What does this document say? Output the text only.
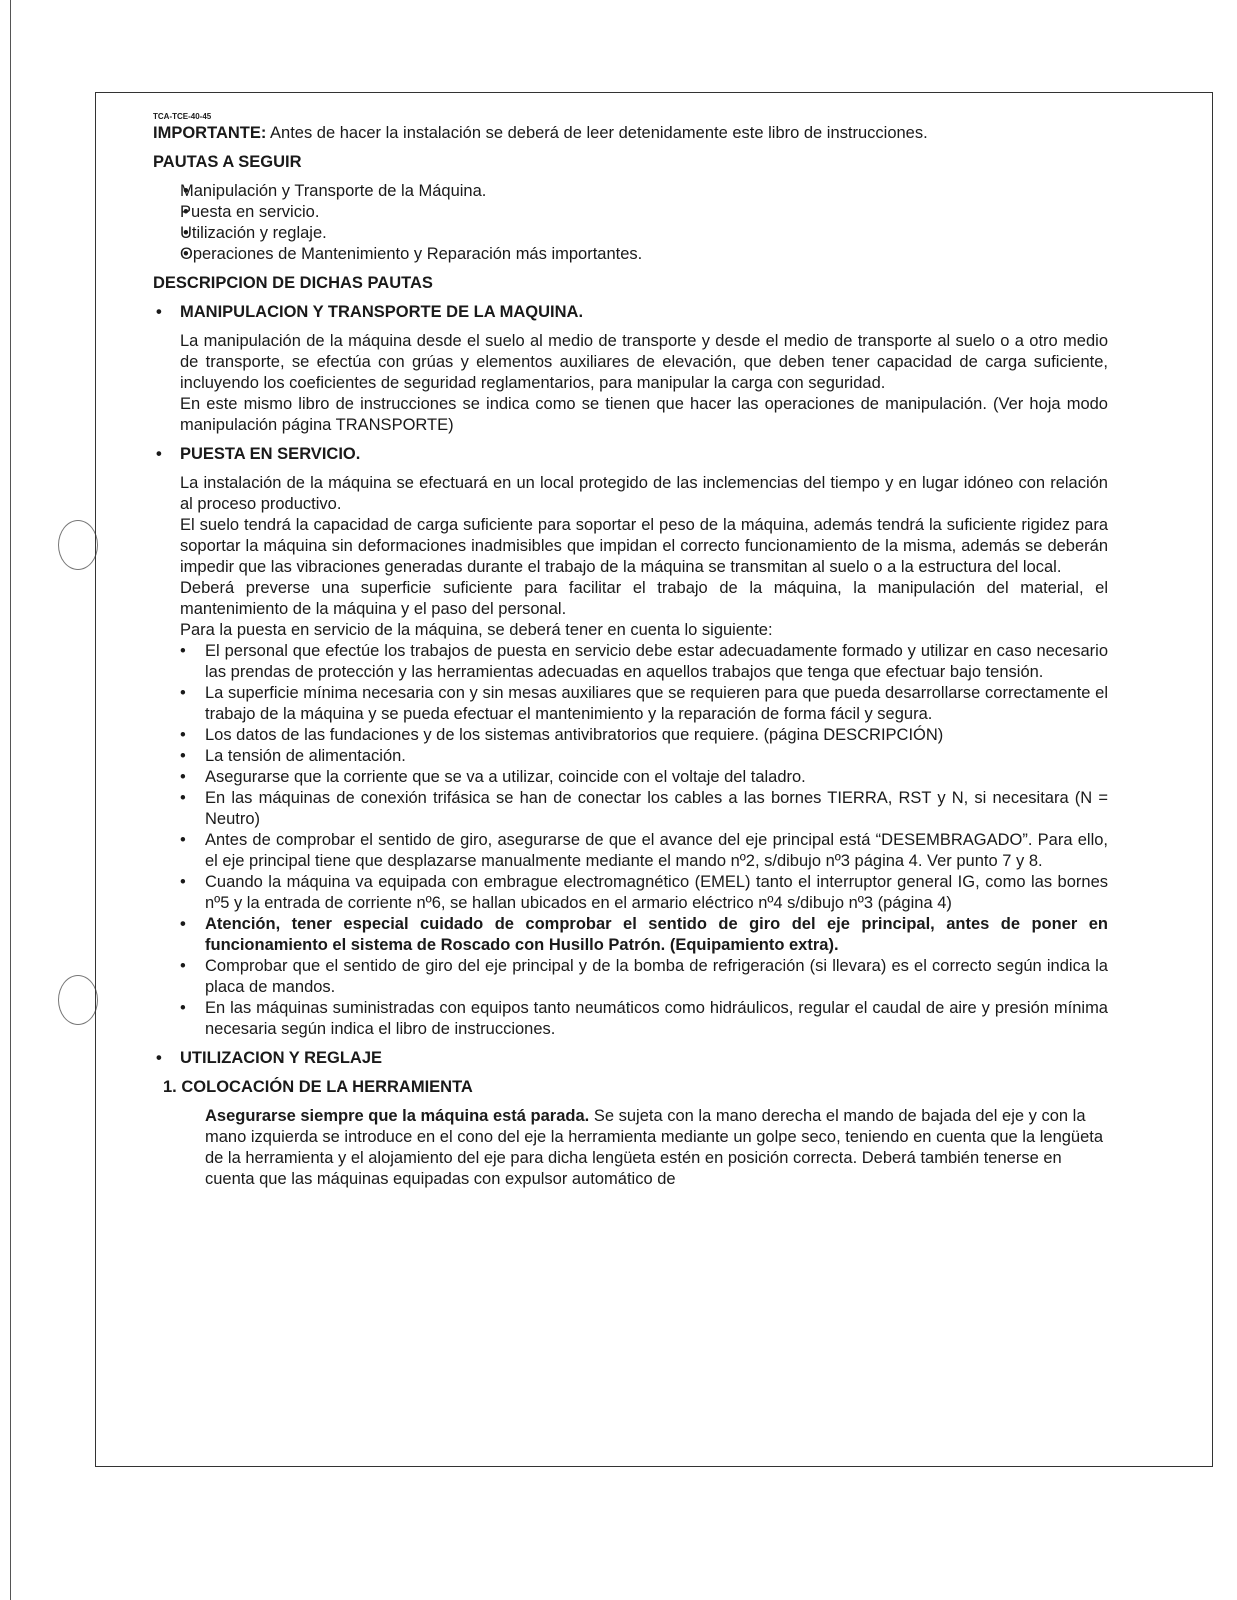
TCA-TCE-40-45

IMPORTANTE: Antes de hacer la instalación se deberá de leer detenidamente este libro de instrucciones.

PAUTAS A SEGUIR

• Manipulación y Transporte de la Máquina.
• Puesta en servicio.
• Utilización y reglaje.
• Operaciones de Mantenimiento y Reparación más importantes.

DESCRIPCION DE DICHAS PAUTAS

• MANIPULACION Y TRANSPORTE DE LA MAQUINA.

La manipulación de la máquina desde el suelo al medio de transporte y desde el medio de transporte al suelo o a otro medio de transporte, se efectúa con grúas y elementos auxiliares de elevación, que deben tener capacidad de carga suficiente, incluyendo los coeficientes de seguridad reglamentarios, para manipular la carga con seguridad.

En este mismo libro de instrucciones se indica como se tienen que hacer las operaciones de manipulación. (Ver hoja modo manipulación página TRANSPORTE)

• PUESTA EN SERVICIO.

La instalación de la máquina se efectuará en un local protegido de las inclemencias del tiempo y en lugar idóneo con relación al proceso productivo.

El suelo tendrá la capacidad de carga suficiente para soportar el peso de la máquina, además tendrá la suficiente rigidez para soportar la máquina sin deformaciones inadmisibles que impidan el correcto funcionamiento de la misma, además se deberán impedir que las vibraciones generadas durante el trabajo de la máquina se transmitan al suelo o a la estructura del local.

Deberá preverse una superficie suficiente para facilitar el trabajo de la máquina, la manipulación del material, el mantenimiento de la máquina y el paso del personal.

Para la puesta en servicio de la máquina, se deberá tener en cuenta lo siguiente:

• El personal que efectúe los trabajos de puesta en servicio debe estar adecuadamente formado y utilizar en caso necesario las prendas de protección y las herramientas adecuadas en aquellos trabajos que tenga que efectuar bajo tensión.
• La superficie mínima necesaria con y sin mesas auxiliares que se requieren para que pueda desarrollarse correctamente el trabajo de la máquina y se pueda efectuar el mantenimiento y la reparación de forma fácil y segura.
• Los datos de las fundaciones y de los sistemas antivibratorios que requiere. (página DESCRIPCIÓN)
• La tensión de alimentación.
• Asegurarse que la corriente que se va a utilizar, coincide con el voltaje del taladro.
• En las máquinas de conexión trifásica se han de conectar los cables a las bornes TIERRA, RST y N, si necesitara (N = Neutro)
• Antes de comprobar el sentido de giro, asegurarse de que el avance del eje principal está “DESEMBRAGADO”. Para ello, el eje principal tiene que desplazarse manualmente mediante el mando nº2, s/dibujo nº3 página 4. Ver punto 7 y 8.
• Cuando la máquina va equipada con embrague electromagnético (EMEL) tanto el interruptor general IG, como las bornes nº5 y la entrada de corriente nº6, se hallan ubicados en el armario eléctrico nº4 s/dibujo nº3 (página 4)
• Atención, tener especial cuidado de comprobar el sentido de giro del eje principal, antes de poner en funcionamiento el sistema de Roscado con Husillo Patrón. (Equipamiento extra).
• Comprobar que el sentido de giro del eje principal y de la bomba de refrigeración (si llevara) es el correcto según indica la placa de mandos.
• En las máquinas suministradas con equipos tanto neumáticos como hidráulicos, regular el caudal de aire y presión mínima necesaria según indica el libro de instrucciones.
• UTILIZACION Y REGLAJE
1. COLOCACIÓN DE LA HERRAMIENTA

Asegurarse siempre que la máquina está parada. Se sujeta con la mano derecha el mando de bajada del eje y con la mano izquierda se introduce en el cono del eje la herramienta mediante un golpe seco, teniendo en cuenta que la lengüeta de la herramienta y el alojamiento del eje para dicha lengüeta estén en posición correcta. Deberá también tenerse en cuenta que las máquinas equipadas con expulsor automático de
